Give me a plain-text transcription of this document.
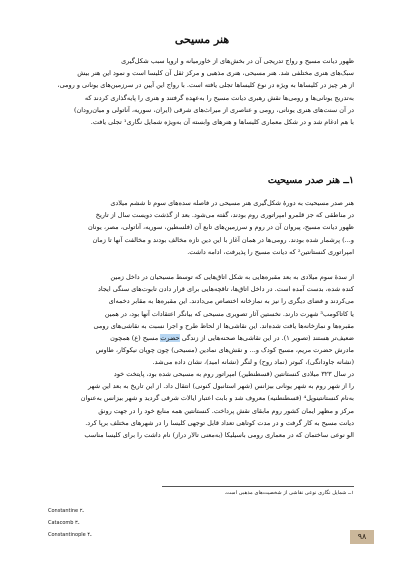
هنر مسیحی
ظهور دیانت مسیح و رواج تدریجی آن در بخش‌های از خاورمیانه و اروپا سبب شکل‌گیری
سبک‌های هنری مختلفی شد. هنر مسیحی، هنری مذهبی و مرکز ثقل آن کلیسا است و نمود این هنر بیش
از هر چیز در کلیسا‌ها به ویژه در نوع کلیساها تجلی یافته است. با رواج این آیین در سرزمین‌های یونانی و رومی،
به‌تدریج یونانی‌ها و رومی‌ها نقش رهبری دیانت مسیح را به‌عهده گرفتند و هنری را پایه‌گذاری کردند که
در آن سنت‌های هنری یونانی، رومی و عناصری از میراث‌های شرقی (ایران، سوریه، آناتولی و میان‌رودان)
با هم ادغام شد و در شکل معماری کلیساها و هنرهای وابسته آن به‌ویژه شمایل نگاری¹ تجلی یافت.
۱ــ هنر صدر مسیحیت
هنر صدر مسیحیت به دورهٔ شکل‌گیری هنر مسیحی در فاصله سده‌های سوم تا ششم میلادی
در مناطقی که جز قلمرو امپراتوری روم بودند، گفته می‌شود. بعد از گذشت دویست سال از تاریخ
ظهور دیانت مسیح، پیروان آن در روم و سرزمین‌های تابع آن (فلسطین، سوریه، آناتولی، مصر، یونان
و...) پرشمار شده بودند. رومی‌ها در همان آغاز با این دین تازه مخالف بودند و مخالفت آنها تا زمان
امپراتوری کنستانتین² که دیانت مسیح را پذیرفت، ادامه داشت.
از سدهٔ سوم میلادی به بعد مقبره‌هایی به شکل اتاق‌هایی که توسط مسیحیان در داخل زمین
کنده شده، بدست آمده است. در داخل اتاق‌ها، تاقچه‌هایی برای قرار دادن تابوت‌های سنگی ایجاد
می‌کردند و فضای دیگری را نیز به نمازخانه اختصاص می‌دادند. این مقبره‌ها به مقابر دخمه‌ای
یا کاتاکومب³ شهرت دارند. نخستین آثار تصویری مسیحی که بیانگر اعتقادات آنها بود، در همین
مقبره‌ها و نمازخانه‌ها یافت شده‌اند. این نقاشی‌ها از لحاظ طرح و اجرا نسبت به نقاشی‌های رومی
ضعیف‌تر هستند (تصویر ۱). در این نقاشی‌ها صحنه‌هایی از زندگی حضرت مسیح (ع) همچون
مادرش حضرت مریم، مسیح کودک و... و نقش‌های نمادین (مسیحی) چون چوپان نیکوکار، طاوس
(نشانه جاودانگی)، کبوتر (نماد روح) و لنگر (نشانه امید)، نشان داده می‌شد.
در سال ۳۲۳ میلادی کنستانتین (قسطنطین) امپراتور روم به مسیحی شده بود، پایتخت خود
را از شهر روم به شهر یونانی بیزانس (شهر استانبول کنونی) انتقال داد. از این تاریخ به بعد این شهر
به‌نام کنستانتینوپل⁴ (قسطنطنیه) معروف شد و بابت اعتبار ایالات شرقی گردید و شهر بیزانس به‌عنوان
مرکز و مظهر ایمان کشور روم ما‌بقای نقش پرداخت. کنستانتین همه منابع خود را در جهت رونق
دیانت مسیح به کار گرفت و در مدت کوتاهی تعداد قابل توجهی کلیسا را در شهرهای مختلف برپا کرد.
الو نوعی ساختمان که در معماری رومی باسیلیکا (به‌معنی تالار دراز) نام داشت را برای کلیسا مناسب
۱ــ شمایل نگاری نوعی نقاشی از شخصیت‌های مذهبی است.
Constantine ـ۲
Catacomb ـ۳
Constantinople ـ۴	۹۸
